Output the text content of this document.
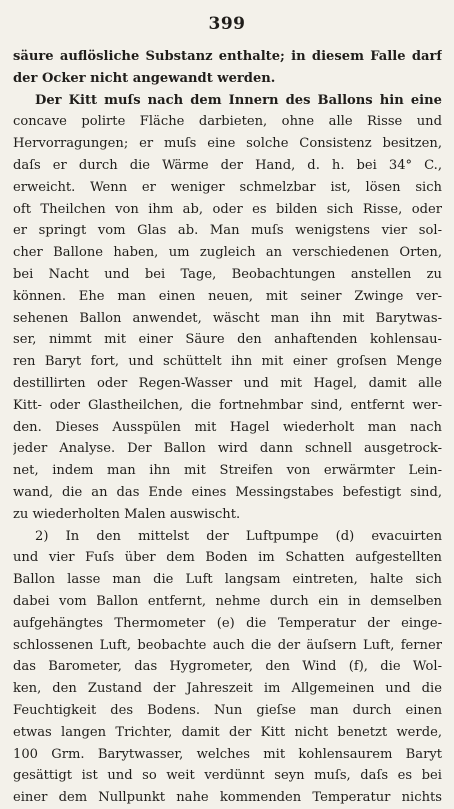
399
säure auflösliche Substanz enthalte; in diesem Falle darf
der Ocker nicht angewandt werden.
Der Kitt muſs nach dem Innern des Ballons hin eine
concave polirte Fläche darbieten, ohne alle Risse und
Hervorragungen; er muſs eine solche Consistenz besitzen,
daſs er durch die Wärme der Hand, d. h. bei 34° C.,
erweicht. Wenn er weniger schmelzbar ist, lösen sich
oft Theilchen von ihm ab, oder es bilden sich Risse, oder
er springt vom Glas ab. Man muſs wenigstens vier sol-
cher Ballone haben, um zugleich an verschiedenen Orten,
bei Nacht und bei Tage, Beobachtungen anstellen zu
können. Ehe man einen neuen, mit seiner Zwinge ver-
sehenen Ballon anwendet, wäscht man ihn mit Barytwas-
ser, nimmt mit einer Säure den anhaftenden kohlensau-
ren Baryt fort, und schüttelt ihn mit einer groſsen Menge
destillirten oder Regen-Wasser und mit Hagel, damit alle
Kitt- oder Glastheilchen, die fortnehmbar sind, entfernt wer-
den. Dieses Ausspülen mit Hagel wiederholt man nach
jeder Analyse. Der Ballon wird dann schnell ausgetrock-
net, indem man ihn mit Streifen von erwärmter Lein-
wand, die an das Ende eines Messingstabes befestigt sind,
zu wiederholten Malen auswischt.
2) In den mittelst der Luftpumpe (d) evacuirten
und vier Fuſs über dem Boden im Schatten aufgestellten
Ballon lasse man die Luft langsam eintreten, halte sich
dabei vom Ballon entfernt, nehme durch ein in demselben
aufgehängtes Thermometer (e) die Temperatur der einge-
schlossenen Luft, beobachte auch die der äuſsern Luft, ferner
das Barometer, das Hygrometer, den Wind (f), die Wol-
ken, den Zustand der Jahreszeit im Allgemeinen und die
Feuchtigkeit des Bodens. Nun gieſse man durch einen
etwas langen Trichter, damit der Kitt nicht benetzt werde,
100 Grm. Barytwasser, welches mit kohlensaurem Baryt
gesättigt ist und so weit verdünnt seyn muſs, daſs es bei
einer dem Nullpunkt nahe kommenden Temperatur nichts
